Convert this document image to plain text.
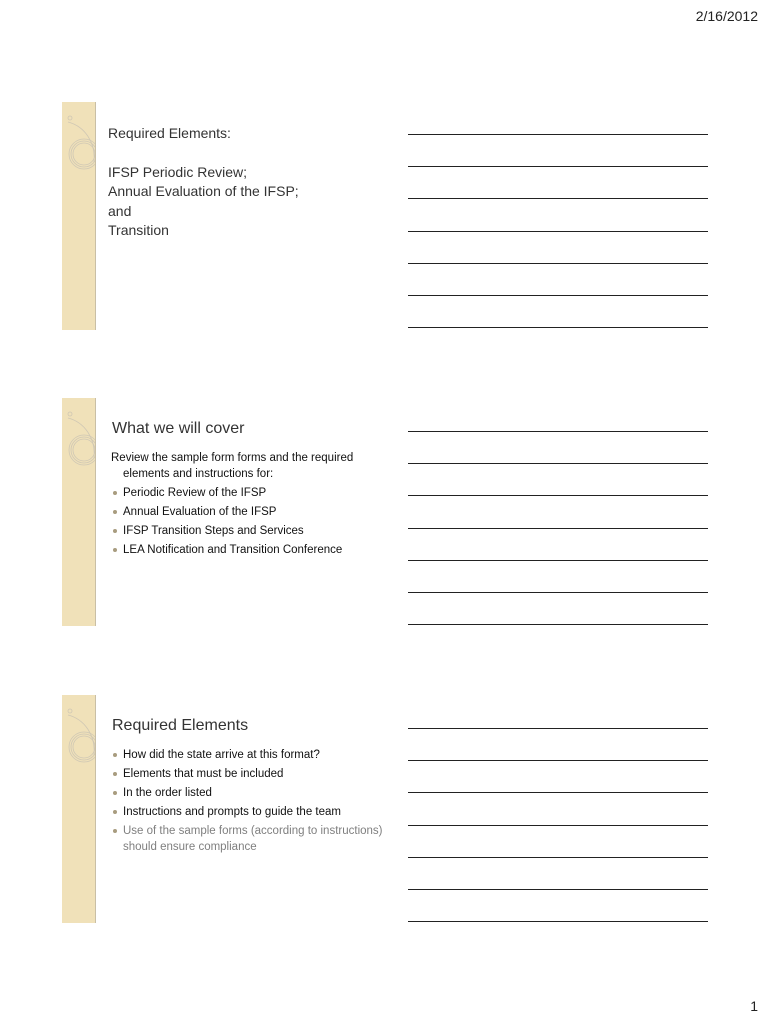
2/16/2012
Required Elements:
IFSP Periodic Review;
Annual Evaluation of the IFSP;
and
Transition
What we will cover
Review the sample form forms and the required elements and instructions for:
Periodic Review of the IFSP
Annual Evaluation of the IFSP
IFSP Transition Steps and Services
LEA Notification and Transition Conference
Required Elements
How did the state arrive at this format?
Elements that must be included
In the order listed
Instructions and prompts to guide the team
Use of the sample forms (according to instructions) should ensure compliance
1
